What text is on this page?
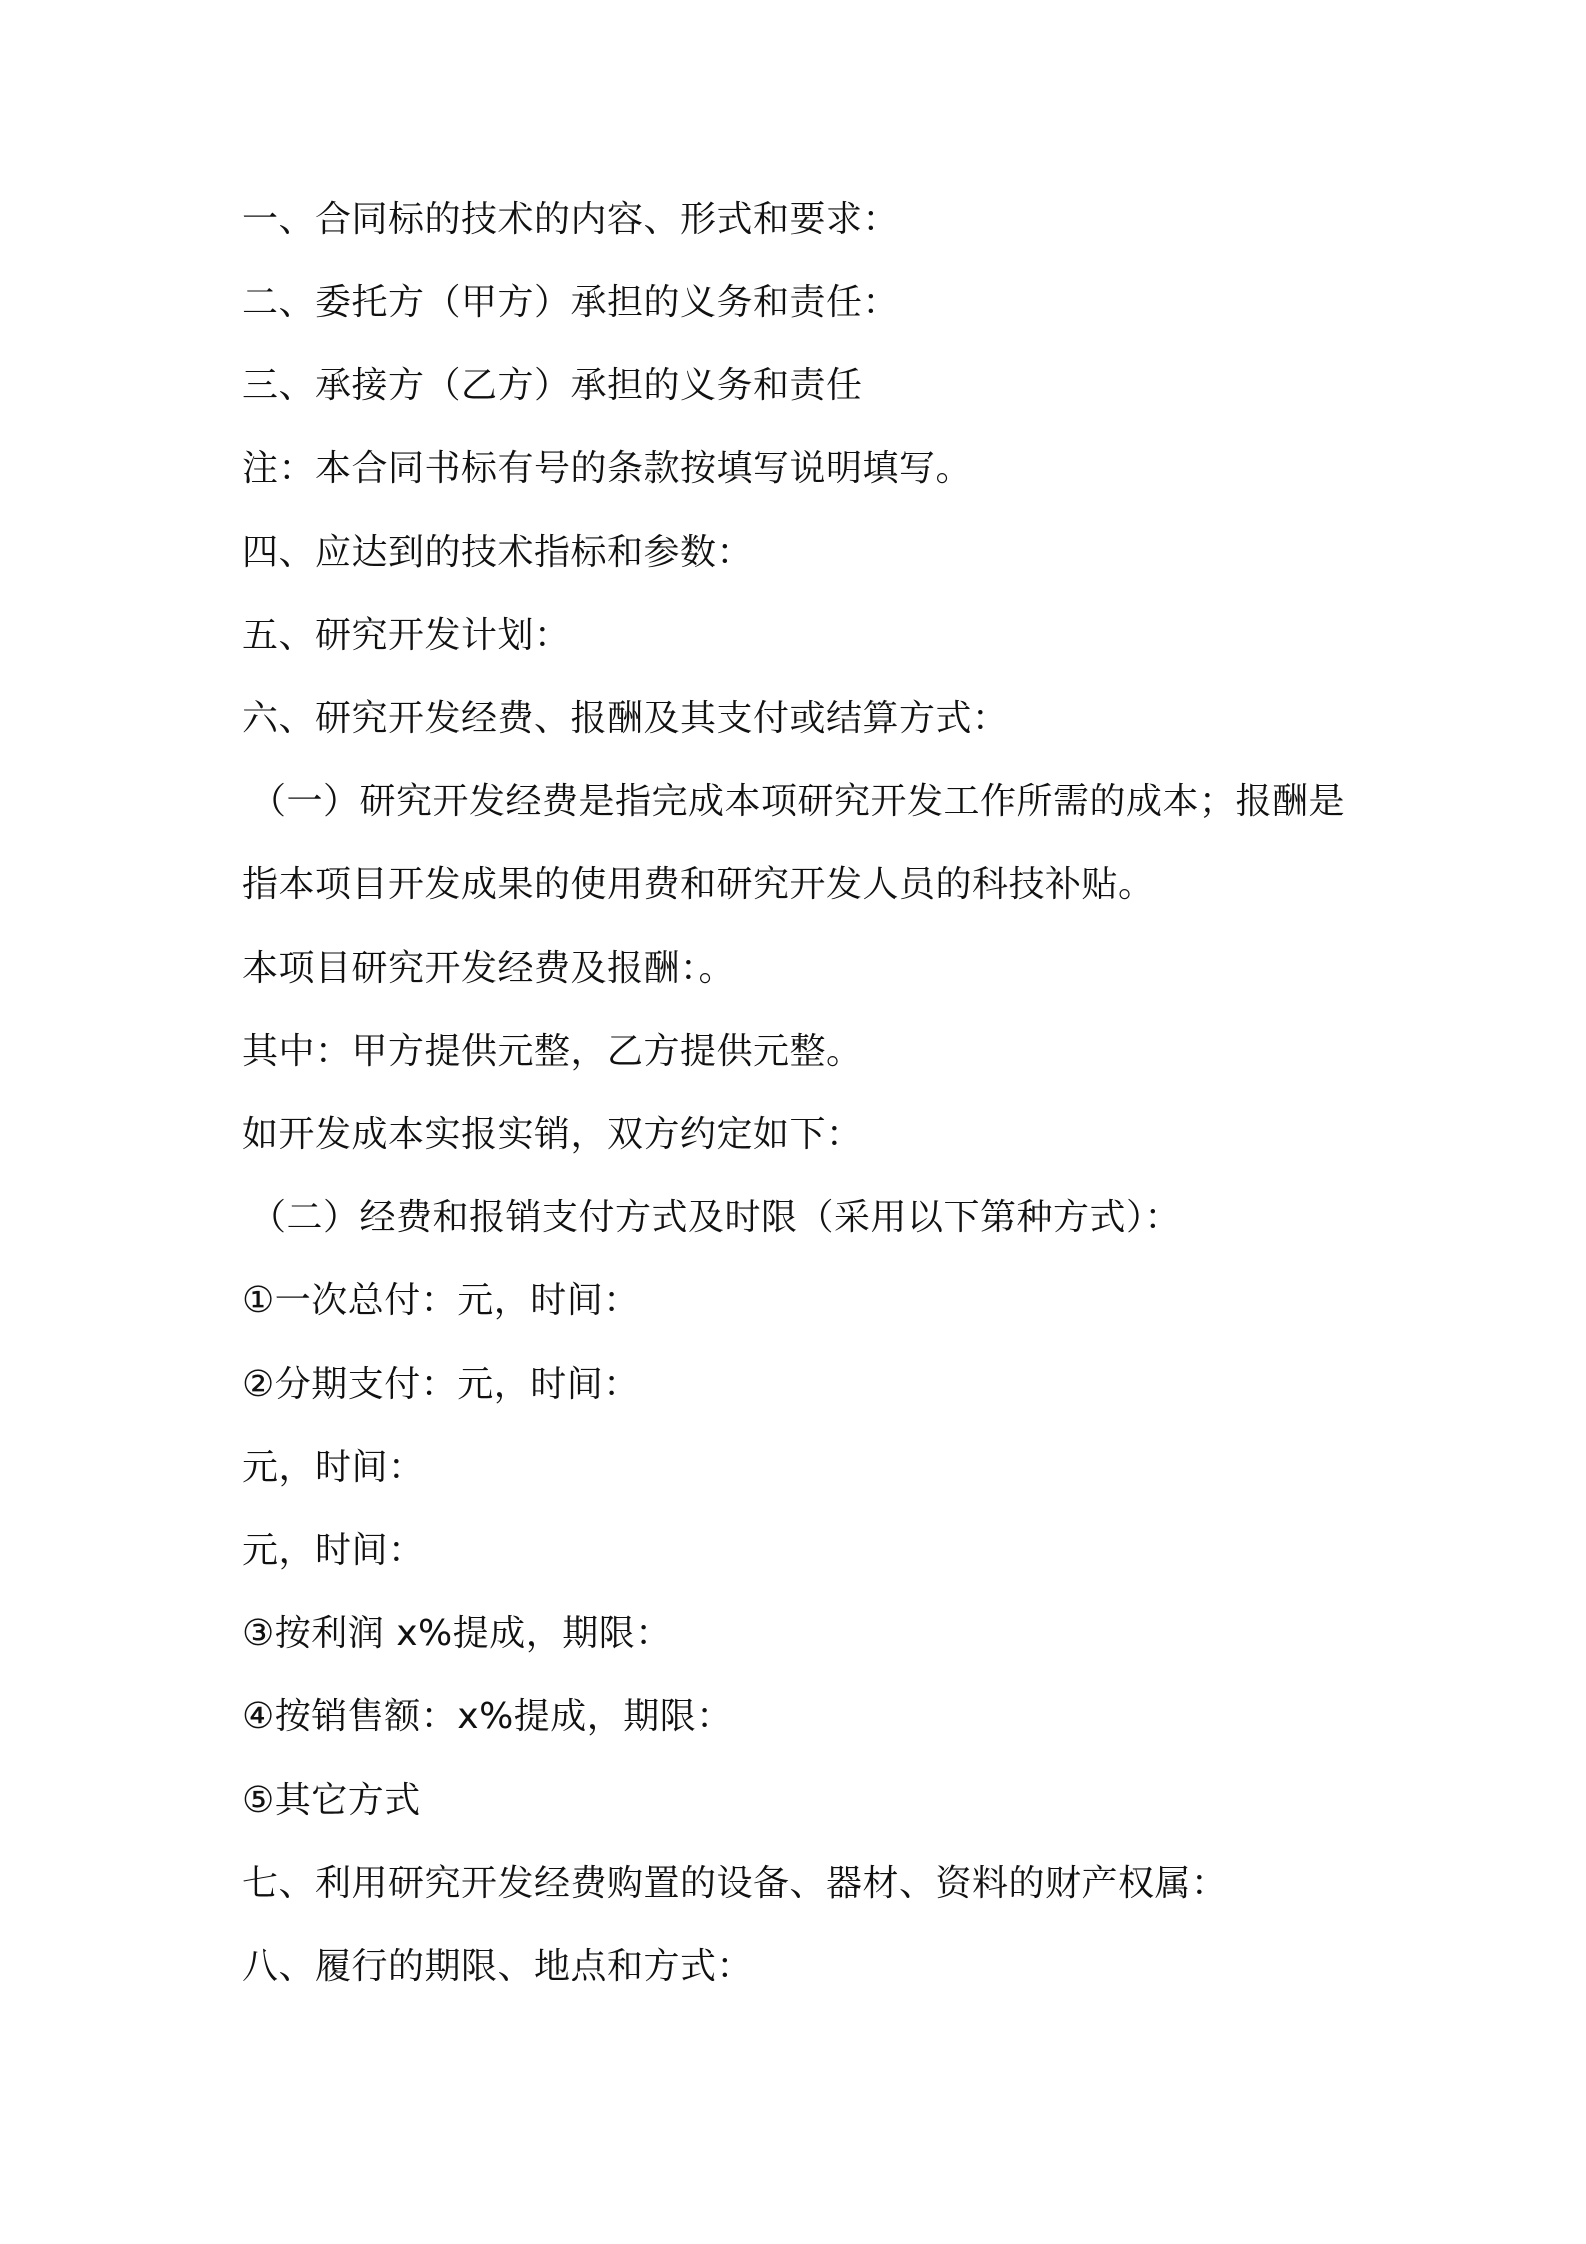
一、合同标的技术的内容、形式和要求：
二、委托方（甲方）承担的义务和责任：
三、承接方（乙方）承担的义务和责任
注：本合同书标有号的条款按填写说明填写。
四、应达到的技术指标和参数：
五、研究开发计划：
六、研究开发经费、报酬及其支付或结算方式：
（一）研究开发经费是指完成本项研究开发工作所需的成本；报酬是
指本项目开发成果的使用费和研究开发人员的科技补贴。
本项目研究开发经费及报酬：。
其中：甲方提供元整，乙方提供元整。
如开发成本实报实销，双方约定如下：
（二）经费和报销支付方式及时限（采用以下第种方式）：
①一次总付：元，时间：
②分期支付：元，时间：
元，时间：
元，时间：
③按利润 x%提成，期限：
④按销售额：x%提成，期限：
⑤其它方式
七、利用研究开发经费购置的设备、器材、资料的财产权属：
八、履行的期限、地点和方式：
